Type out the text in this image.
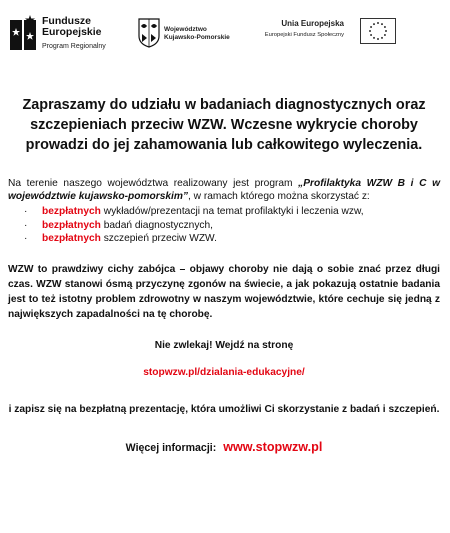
Fundusze
Europejskie
Program Regionalny
Województwo
Kujawsko-Pomorskie
Unia Europejska
Europejski Fundusz Społeczny
Zapraszamy do udziału w badaniach diagnostycznych oraz szczepieniach przeciw WZW. Wczesne wykrycie choroby prowadzi do jej zahamowania lub całkowitego wyleczenia.
Na terenie naszego województwa realizowany jest program „Profilaktyka WZW B i C w województwie kujawsko-pomorskim”, w ramach którego można skorzystać z:
· bezpłatnych wykładów/prezentacji na temat profilaktyki i leczenia wzw,
· bezpłatnych badań diagnostycznych,
· bezpłatnych szczepień przeciw WZW.
WZW to prawdziwy cichy zabójca – objawy choroby nie dają o sobie znać przez długi czas. WZW stanowi ósmą przyczynę zgonów na świecie, a jak pokazują ostatnie badania jest to też istotny problem zdrowotny w naszym województwie, które cechuje się jedną z największych zapadalności na tę chorobę.
Nie zwlekaj! Wejdź na stronę
stopwzw.pl/dzialania-edukacyjne/
i zapisz się na bezpłatną prezentację, która umożliwi Ci skorzystanie z badań i szczepień.
Więcej informacji: www.stopwzw.pl
